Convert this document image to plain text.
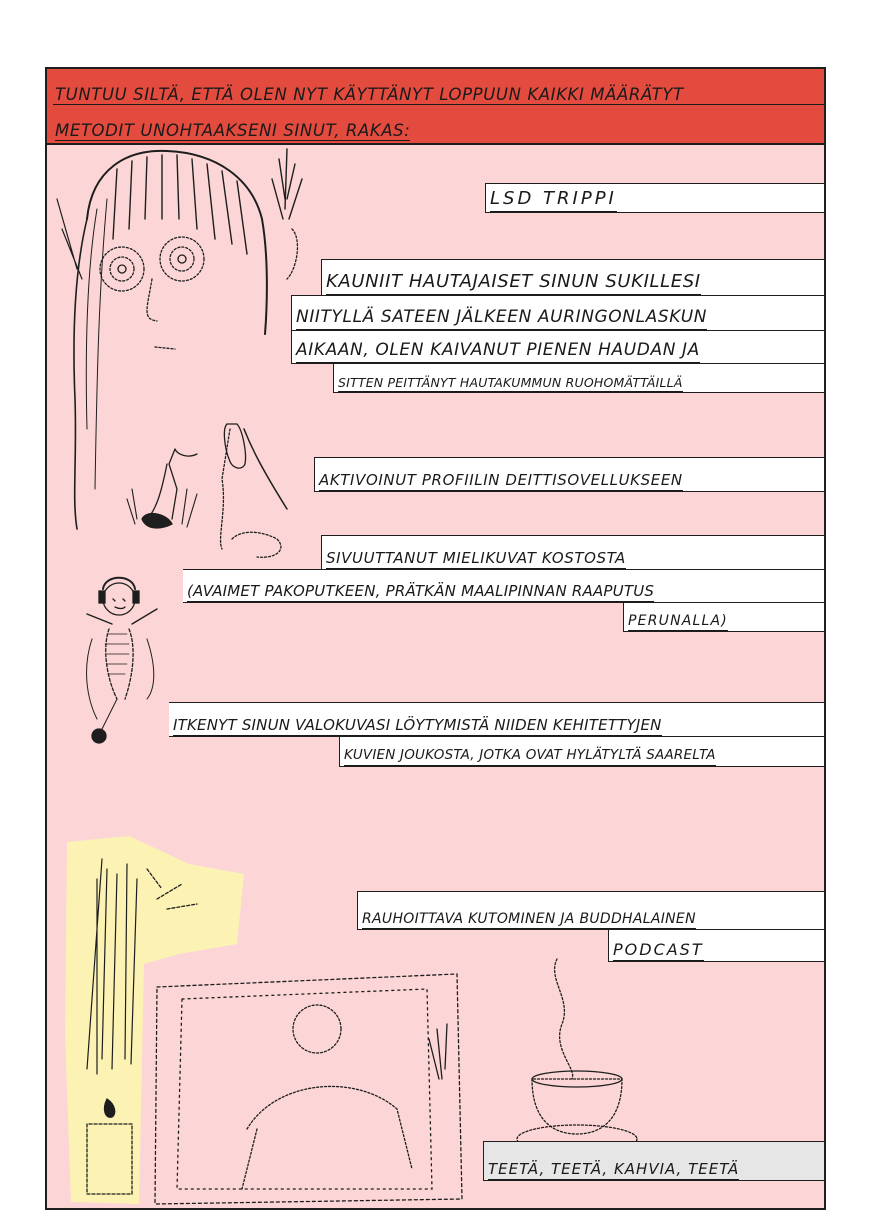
TUNTUU SILTÄ, ETTÄ OLEN NYT KÄYTTÄNYT LOPPUUN KAIKKI MÄÄRÄTYT
METODIT UNOHTAAKSENI SINUT, RAKAS:
LSD TRIPPI
KAUNIIT HAUTAJAISET SINUN SUKILLESI
NIITYLLÄ SATEEN JÄLKEEN AURINGONLASKUN
AIKAAN, OLEN KAIVANUT PIENEN HAUDAN JA
SITTEN PEITTÄNYT HAUTAKUMMUN RUOHOMÄTTÄILLÄ
AKTIVOINUT PROFIILIN DEITTISOVELLUKSEEN
SIVUUTTANUT MIELIKUVAT KOSTOSTA
(AVAIMET PAKOPUTKEEN, PRÄTKÄN MAALIPINNAN RAAPUTUS
PERUNALLA)
ITKENYT SINUN VALOKUVASI LÖYTYMISTÄ NIIDEN KEHITETTYJEN
KUVIEN JOUKOSTA, JOTKA OVAT HYLÄTYLTÄ SAARELTA
RAUHOITTAVA KUTOMINEN JA BUDDHALAINEN
PODCAST
TEETÄ, TEETÄ, KAHVIA, TEETÄ
